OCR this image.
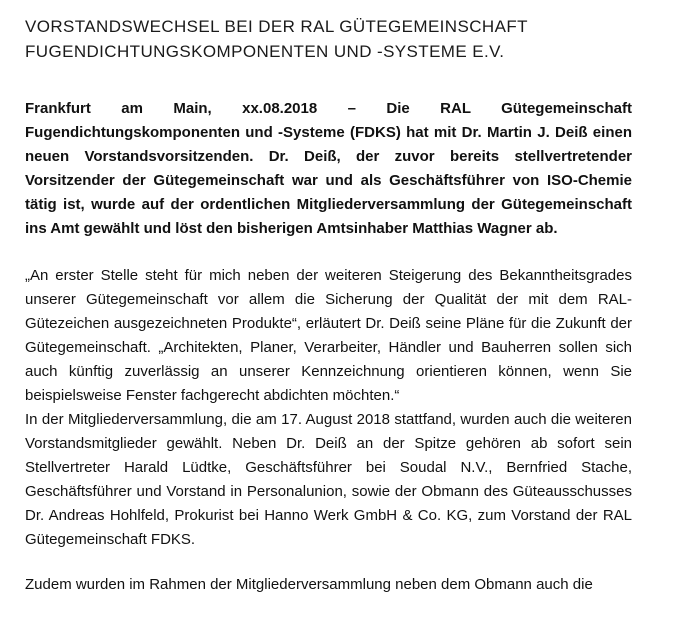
VORSTANDSWECHSEL BEI DER RAL GÜTEGEMEINSCHAFT
FUGENDICHTUNGSKOMPONENTEN UND -SYSTEME E.V.

Frankfurt am Main, xx.08.2018 – Die RAL Gütegemeinschaft Fugendichtungskomponenten und -Systeme (FDKS) hat mit Dr. Martin J. Deiß einen neuen Vorstandsvorsitzenden. Dr. Deiß, der zuvor bereits stellvertretender Vorsitzender der Gütegemeinschaft war und als Geschäftsführer von ISO-Chemie tätig ist, wurde auf der ordentlichen Mitgliederversammlung der Gütegemeinschaft ins Amt gewählt und löst den bisherigen Amtsinhaber Matthias Wagner ab.

„An erster Stelle steht für mich neben der weiteren Steigerung des Bekanntheitsgrades unserer Gütegemeinschaft vor allem die Sicherung der Qualität der mit dem RAL-Gütezeichen ausgezeichneten Produkte“, erläutert Dr. Deiß seine Pläne für die Zukunft der Gütegemeinschaft. „Architekten, Planer, Verarbeiter, Händler und Bauherren sollen sich auch künftig zuverlässig an unserer Kennzeichnung orientieren können, wenn Sie beispielsweise Fenster fachgerecht abdichten möchten.“
In der Mitgliederversammlung, die am 17. August 2018 stattfand, wurden auch die weiteren Vorstandsmitglieder gewählt. Neben Dr. Deiß an der Spitze gehören ab sofort sein Stellvertreter Harald Lüdtke, Geschäftsführer bei Soudal N.V., Bernfried Stache, Geschäftsführer und Vorstand in Personalunion, sowie der Obmann des Güteausschusses Dr. Andreas Hohlfeld, Prokurist bei Hanno Werk GmbH & Co. KG, zum Vorstand der RAL Gütegemeinschaft FDKS.

Zudem wurden im Rahmen der Mitgliederversammlung neben dem Obmann auch die
